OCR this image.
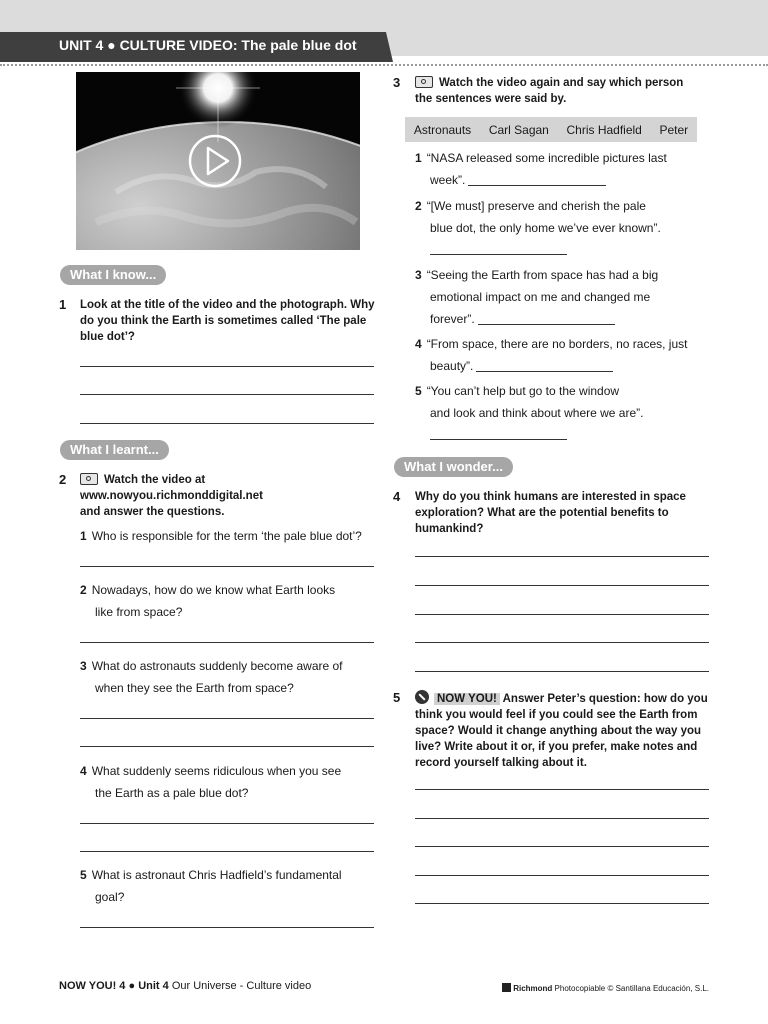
UNIT 4 ● CULTURE VIDEO: The pale blue dot
What I know...
1 Look at the title of the video and the photograph. Why do you think the Earth is sometimes called ‘The pale blue dot’?
What I learnt...
2	Watch the video at
www.nowyou.richmonddigital.net
and answer the questions.
1 Who is responsible for the term ‘the pale blue dot’?
2 Nowadays, how do we know what Earth looks
like from space?
3 What do astronauts suddenly become aware of
when they see the Earth from space?
4 What suddenly seems ridiculous when you see
the Earth as a pale blue dot?
5 What is astronaut Chris Hadfield’s fundamental
goal?
3	Watch the video again and say which person
the sentences were said by.
Astronauts Carl Sagan Chris Hadfield Peter
1 “NASA released some incredible pictures last
week”.
2 “[We must] preserve and cherish the pale
blue dot, the only home we’ve ever known”.
3 “Seeing the Earth from space has had a big
emotional impact on me and changed me
forever”.
4 “From space, there are no borders, no races, just
beauty”.
5 “You can’t help but go to the window
and look and think about where we are”.
What I wonder...
4 Why do you think humans are interested in space exploration? What are the potential benefits to humankind?
5	NOW YOU! Answer Peter’s question: how do you think you would feel if you could see the Earth from space? Would it change anything about the way you live? Write about it or, if you prefer, make notes and record yourself talking about it.
NOW YOU! 4 ● Unit 4 Our Universe - Culture video	Richmond Photocopiable © Santillana Educación, S.L.
